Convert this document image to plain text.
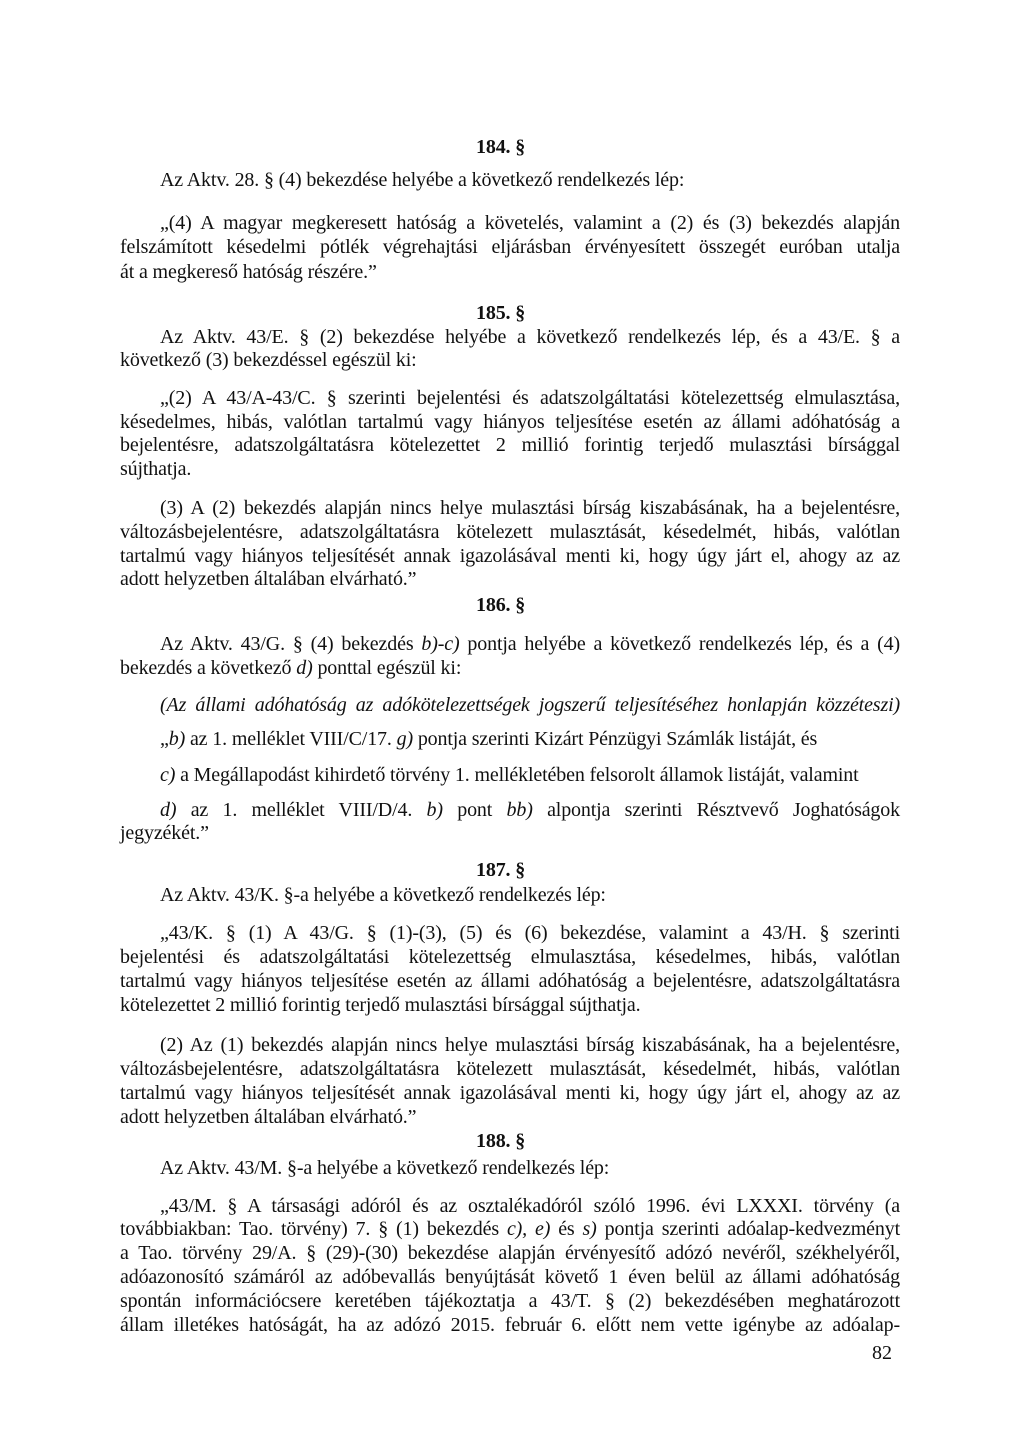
184. §
Az Aktv. 28. § (4) bekezdése helyébe a következő rendelkezés lép:
„(4) A magyar megkeresett hatóság a követelés, valamint a (2) és (3) bekezdés alapján
felszámított késedelmi pótlék végrehajtási eljárásban érvényesített összegét euróban utalja
át a megkereső hatóság részére.”
185. §
Az Aktv. 43/E. § (2) bekezdése helyébe a következő rendelkezés lép, és a 43/E. § a
következő (3) bekezdéssel egészül ki:
„(2) A 43/A-43/C. § szerinti bejelentési és adatszolgáltatási kötelezettség elmulasztása,
késedelmes, hibás, valótlan tartalmú vagy hiányos teljesítése esetén az állami adóhatóság a
bejelentésre, adatszolgáltatásra kötelezettet 2 millió forintig terjedő mulasztási bírsággal
sújthatja.
(3) A (2) bekezdés alapján nincs helye mulasztási bírság kiszabásának, ha a bejelentésre,
változásbejelentésre, adatszolgáltatásra kötelezett mulasztását, késedelmét, hibás, valótlan
tartalmú vagy hiányos teljesítését annak igazolásával menti ki, hogy úgy járt el, ahogy az az
adott helyzetben általában elvárható.”
186. §
Az Aktv. 43/G. § (4) bekezdés b)-c) pontja helyébe a következő rendelkezés lép, és a (4)
bekezdés a következő d) ponttal egészül ki:
(Az állami adóhatóság az adókötelezettségek jogszerű teljesítéséhez honlapján közzéteszi)
„b) az 1. melléklet VIII/C/17. g) pontja szerinti Kizárt Pénzügyi Számlák listáját, és
c) a Megállapodást kihirdető törvény 1. mellékletében felsorolt államok listáját, valamint
d) az 1. melléklet VIII/D/4. b) pont bb) alpontja szerinti Résztvevő Joghatóságok
jegyzékét.”
187. §
Az Aktv. 43/K. §-a helyébe a következő rendelkezés lép:
„43/K. § (1) A 43/G. § (1)-(3), (5) és (6) bekezdése, valamint a 43/H. § szerinti
bejelentési és adatszolgáltatási kötelezettség elmulasztása, késedelmes, hibás, valótlan
tartalmú vagy hiányos teljesítése esetén az állami adóhatóság a bejelentésre, adatszolgáltatásra
kötelezettet 2 millió forintig terjedő mulasztási bírsággal sújthatja.
(2) Az (1) bekezdés alapján nincs helye mulasztási bírság kiszabásának, ha a bejelentésre,
változásbejelentésre, adatszolgáltatásra kötelezett mulasztását, késedelmét, hibás, valótlan
tartalmú vagy hiányos teljesítését annak igazolásával menti ki, hogy úgy járt el, ahogy az az
adott helyzetben általában elvárható.”
188. §
Az Aktv. 43/M. §-a helyébe a következő rendelkezés lép:
„43/M. § A társasági adóról és az osztalékadóról szóló 1996. évi LXXXI. törvény (a
továbbiakban: Tao. törvény) 7. § (1) bekezdés c), e) és s) pontja szerinti adóalap-kedvezményt
a Tao. törvény 29/A. § (29)-(30) bekezdése alapján érvényesítő adózó nevéről, székhelyéről,
adóazonosító számáról az adóbevallás benyújtását követő 1 éven belül az állami adóhatóság
spontán információcsere keretében tájékoztatja a 43/T. § (2) bekezdésében meghatározott
állam illetékes hatóságát, ha az adózó 2015. február 6. előtt nem vette igénybe az adóalap-
82
